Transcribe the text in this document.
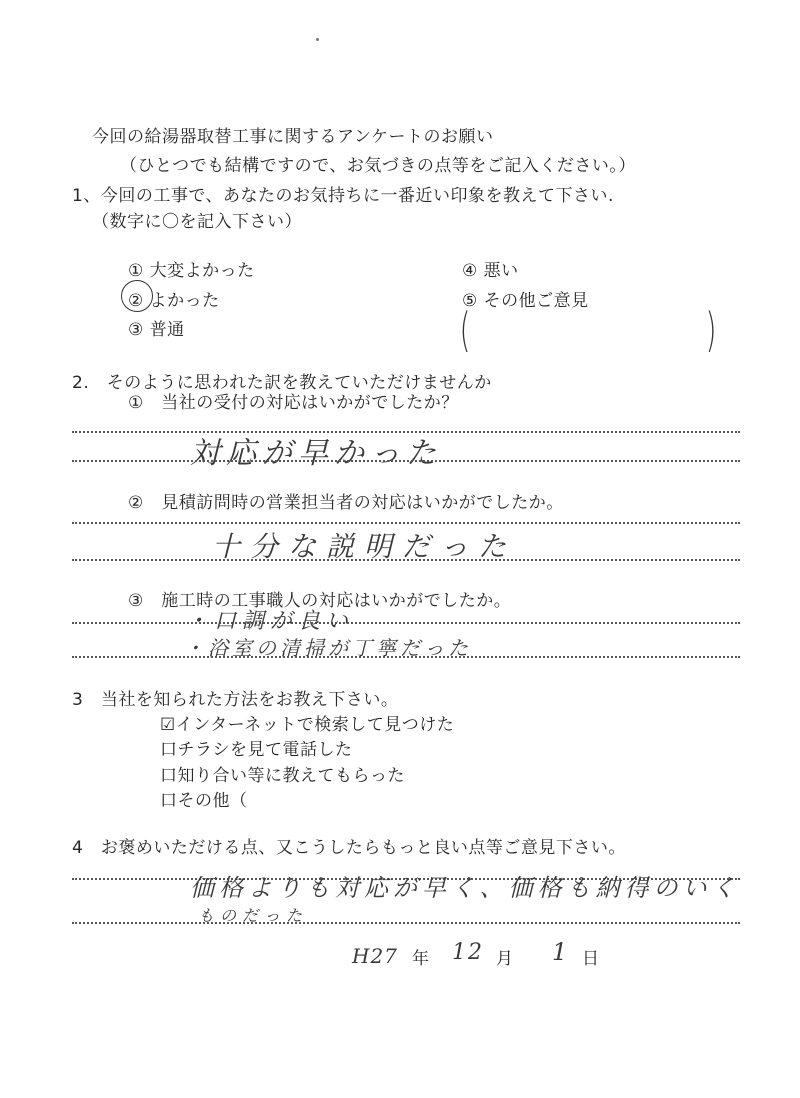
今回の給湯器取替工事に関するアンケートのお願い
（ひとつでも結構ですので、お気づきの点等をご記入ください。）
1、今回の工事で、あなたのお気持ちに一番近い印象を教えて下さい.
（数字に〇を記入下さい）
① 大変よかった
② よかった
③ 普通
④ 悪い
⑤ その他ご意見
(	)
2.　そのように思われた訳を教えていただけませんか
①　当社の受付の対応はいかがでしたか？
対応が早かった
②　見積訪問時の営業担当者の対応はいかがでしたか。
十分な説明だった
③　施工時の工事職人の対応はいかがでしたか。
・口調が良い
・浴室の清掃が丁寧だった
3　当社を知られた方法をお教え下さい。
☑インターネットで検索して見つけた
口チラシを見て電話した
口知り合い等に教えてもらった
口その他（
4　お褒めいただける点、又こうしたらもっと良い点等ご意見下さい。
価格よりも対応が早く、価格も納得のいく
ものだった
H27 年 12 月 1 日
